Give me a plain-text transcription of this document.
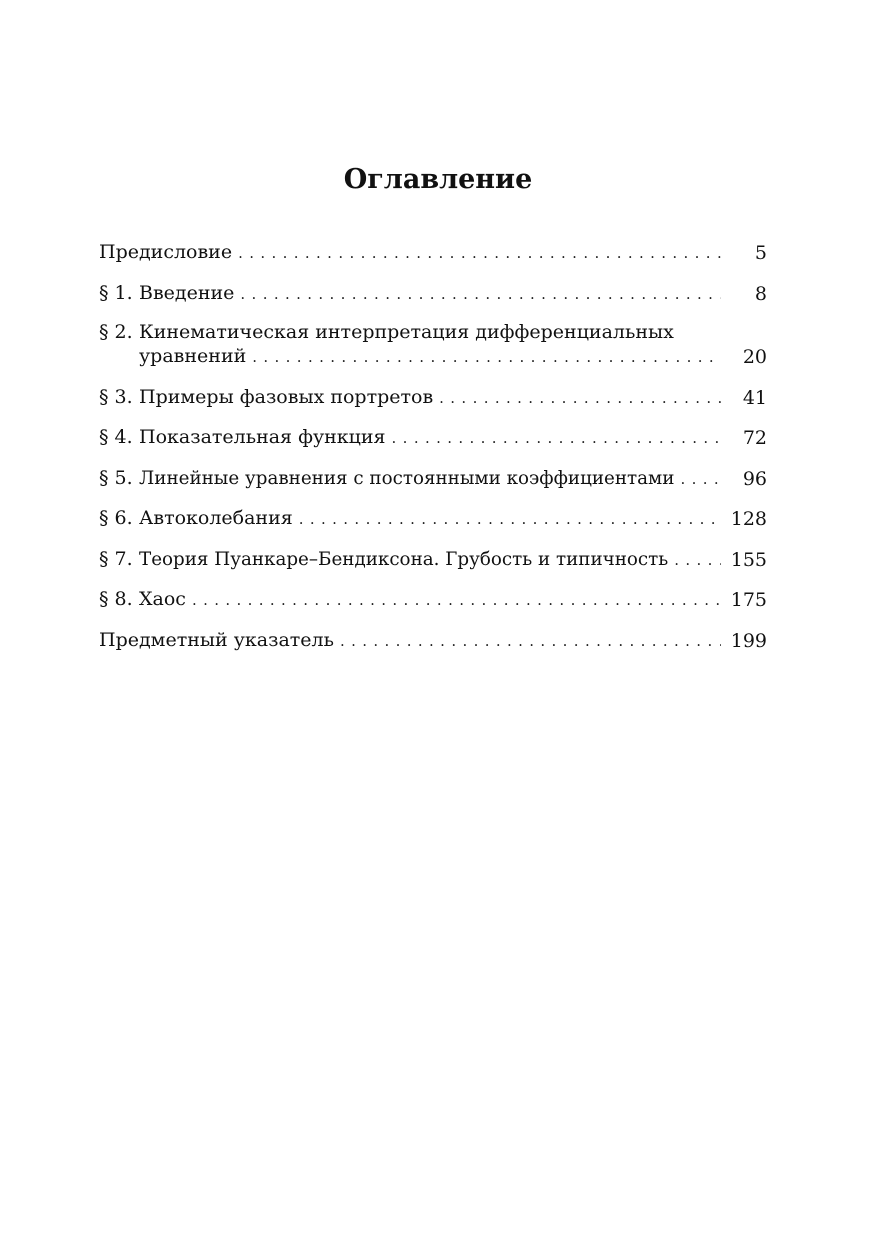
Оглавление
Предисловие . . .	5
§ 1. Введение . . .	8
§ 2. Кинематическая интерпретация дифференциальных
уравнений . . .	20
§ 3. Примеры фазовых портретов . . .	41
§ 4. Показательная функция . . .	72
§ 5. Линейные уравнения с постоянными коэффициентами . . .	96
§ 6. Автоколебания . . .	128
§ 7. Теория Пуанкаре–Бендиксона. Грубость и типичность . . .	155
§ 8. Хаос . . .	175
Предметный указатель . . .	199
